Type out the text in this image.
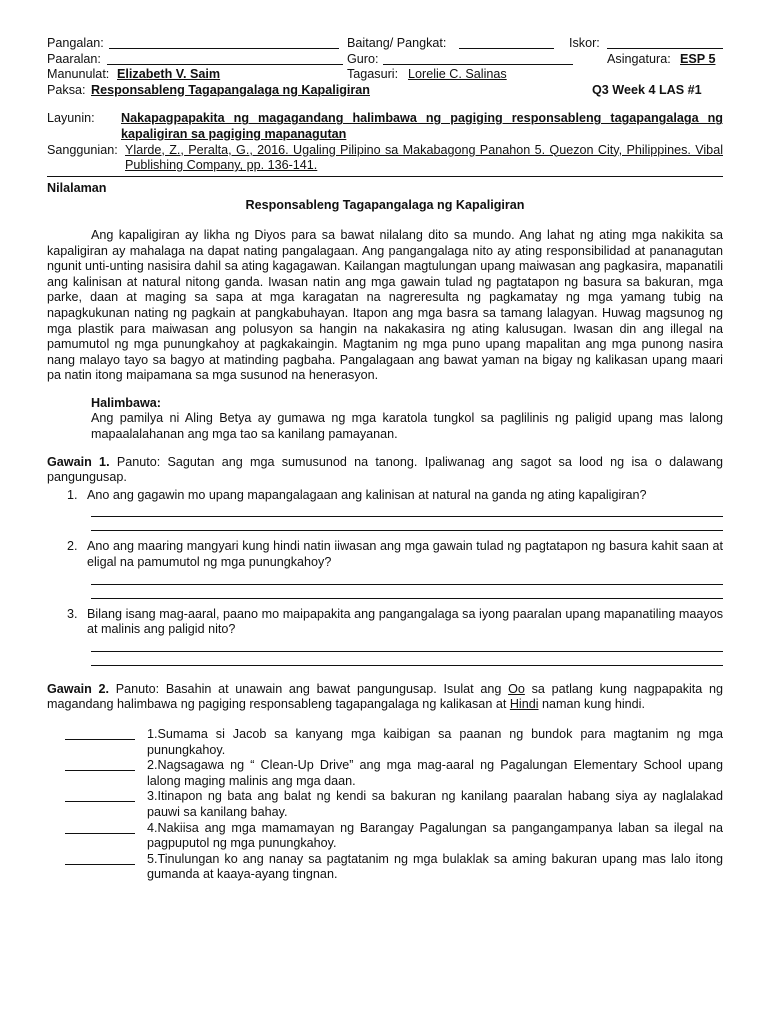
Pangalan:	Baitang/ Pangkat:	Iskor:
Paaralan:	Guro:	Asingatura: ESP 5
Manunulat: Elizabeth V. Saim	Tagasuri: Lorelie C. Salinas
Paksa: Responsableng Tagapangalaga ng Kapaligiran	Q3 Week 4 LAS #1
Layunin: Nakapagpapakita ng magagandang halimbawa ng pagiging responsableng tagapangalaga ng kapaligiran sa pagiging mapanagutan
Sanggunian: Ylarde, Z., Peralta, G., 2016. Ugaling Pilipino sa Makabagong Panahon 5. Quezon City, Philippines. Vibal Publishing Company, pp. 136-141.
Nilalaman
Responsableng Tagapangalaga ng Kapaligiran

Ang kapaligiran ay likha ng Diyos para sa bawat nilalang dito sa mundo. Ang lahat ng ating mga nakikita sa kapaligiran ay mahalaga na dapat nating pangalagaan. Ang pangangalaga nito ay ating responsibilidad at pananagutan ngunit unti-unting nasisira dahil sa ating kagagawan. Kailangan magtulungan upang maiwasan ang pagkasira, mapanatili ang kalinisan at natural nitong ganda. Iwasan natin ang mga gawain tulad ng pagtatapon ng basura sa bakuran, mga parke, daan at maging sa sapa at mga karagatan na nagreresulta ng pagkamatay ng mga yamang tubig na napagkukunan nating ng pagkain at pangkabuhayan. Itapon ang mga basra sa tamang lalagyan. Huwag magsunog ng mga plastik para maiwasan ang polusyon sa hangin na nakakasira ng ating kalusugan. Iwasan din ang illegal na pamumutol ng mga punungkahoy at pagkakaingin. Magtanim ng mga puno upang mapalitan ang mga punong nasira nang malayo tayo sa bagyo at matinding pagbaha. Pangalagaan ang bawat yaman na bigay ng kalikasan upang maari pa natin itong maipamana sa mga susunod na henerasyon.

Halimbawa:

Ang pamilya ni Aling Betya ay gumawa ng mga karatola tungkol sa paglilinis ng paligid upang mas lalong mapaalalahanan ang mga tao sa kanilang pamayanan.

Gawain 1. Panuto: Sagutan ang mga sumusunod na tanong. Ipaliwanag ang sagot sa lood ng isa o dalawang pangungusap.

1. Ano ang gagawin mo upang mapangalagaan ang kalinisan at natural na ganda ng ating kapaligiran?
2. Ano ang maaring mangyari kung hindi natin iiwasan ang mga gawain tulad ng pagtatapon ng basura kahit saan at eligal na pamumutol ng mga punungkahoy?
3. Bilang isang mag-aaral, paano mo maipapakita ang pangangalaga sa iyong paaralan upang mapanatiling maayos at malinis ang paligid nito?

Gawain 2. Panuto: Basahin at unawain ang bawat pangungusap. Isulat ang Oo sa patlang kung nagpapakita ng magandang halimbawa ng pagiging responsableng tagapangalaga ng kalikasan at Hindi naman kung hindi.

1.Sumama si Jacob sa kanyang mga kaibigan sa paanan ng bundok para magtanim ng mga punungkahoy.
2.Nagsagawa ng “ Clean-Up Drive” ang mga mag-aaral ng Pagalungan Elementary School upang lalong maging malinis ang mga daan.
3.Itinapon ng bata ang balat ng kendi sa bakuran ng kanilang paaralan habang siya ay naglalakad pauwi sa kanilang bahay.
4.Nakiisa ang mga mamamayan ng Barangay Pagalungan sa pangangampanya laban sa ilegal na pagpuputol ng mga punungkahoy.
5.Tinulungan ko ang nanay sa pagtatanim ng mga bulaklak sa aming bakuran upang mas lalo itong gumanda at kaaya-ayang tingnan.
